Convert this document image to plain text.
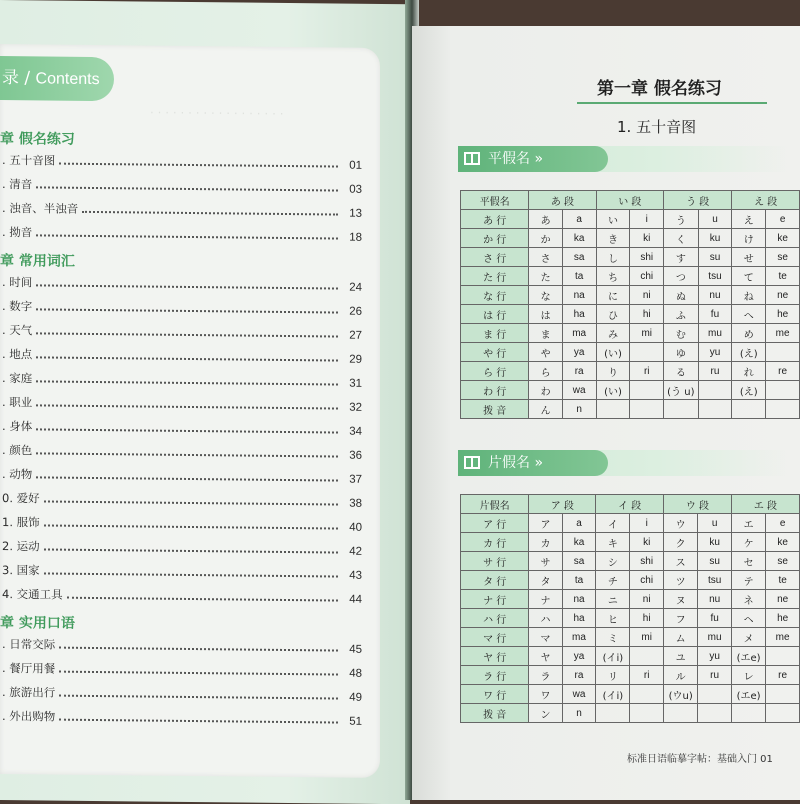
· · · · · · · · · · · · · · · · · ·
录 / Contents
章 假名练习
章 常用词汇
章 实用口语
. 五十音图	01
. 清音	03
. 浊音、半浊音	13
. 拗音	18
. 时间	24
. 数字	26
. 天气	27
. 地点	29
. 家庭	31
. 职业	32
. 身体	34
. 颜色	36
. 动物	37
0. 爱好	38
1. 服饰	40
2. 运动	42
3. 国家	43
4. 交通工具	44
. 日常交际	45
. 餐厅用餐	48
. 旅游出行	49
. 外出购物	51
第一章 假名练习
1. 五十音图
平假名 »
平假名	あ 段		い 段		う 段		え 段	
あ 行	あ	a	い	i	う	u	え	e
か 行	か	ka	き	ki	く	ku	け	ke
さ 行	さ	sa	し	shi	す	su	せ	se
た 行	た	ta	ち	chi	つ	tsu	て	te
な 行	な	na	に	ni	ぬ	nu	ね	ne
は 行	は	ha	ひ	hi	ふ	fu	へ	he
ま 行	ま	ma	み	mi	む	mu	め	me
や 行	や	ya	(い)		ゆ	yu	(え)	
ら 行	ら	ra	り	ri	る	ru	れ	re
わ 行	わ	wa	(い)		(う u)		(え)	
拨 音	ん	n						
片假名 »
片假名	ア 段		イ 段		ウ 段		エ 段	
ア 行	ア	a	イ	i	ウ	u	エ	e
カ 行	カ	ka	キ	ki	ク	ku	ケ	ke
サ 行	サ	sa	シ	shi	ス	su	セ	se
タ 行	タ	ta	チ	chi	ツ	tsu	テ	te
ナ 行	ナ	na	ニ	ni	ヌ	nu	ネ	ne
ハ 行	ハ	ha	ヒ	hi	フ	fu	ヘ	he
マ 行	マ	ma	ミ	mi	ム	mu	メ	me
ヤ 行	ヤ	ya	(イi)		ユ	yu	(エe)	
ラ 行	ラ	ra	リ	ri	ル	ru	レ	re
ワ 行	ワ	wa	(イi)		(ウu)		(エe)	
拨 音	ン	n						
标准日语临摹字帖：基础入门 01
